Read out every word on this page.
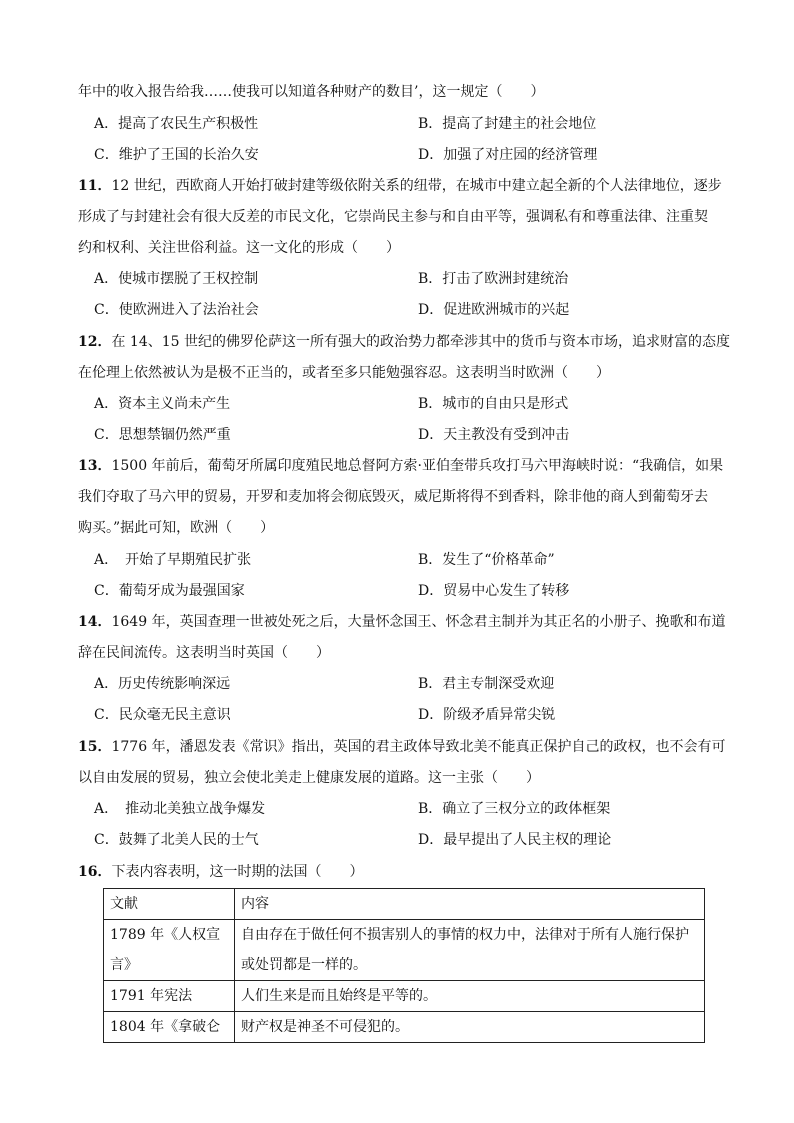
年中的收入报告给我……使我可以知道各种财产的数目’，这一规定（　　）
A．提高了农民生产积极性	B．提高了封建主的社会地位
C．维护了王国的长治久安	D．加强了对庄园的经济管理
11．12 世纪，西欧商人开始打破封建等级依附关系的纽带，在城市中建立起全新的个人法律地位，逐步
形成了与封建社会有很大反差的市民文化，它崇尚民主参与和自由平等，强调私有和尊重法律、注重契
约和权利、关注世俗利益。这一文化的形成（　　）
A．使城市摆脱了王权控制	B．打击了欧洲封建统治
C．使欧洲进入了法治社会	D．促进欧洲城市的兴起
12．在 14、15 世纪的佛罗伦萨这一所有强大的政治势力都牵涉其中的货币与资本市场，追求财富的态度
在伦理上依然被认为是极不正当的，或者至多只能勉强容忍。这表明当时欧洲（　　）
A．资本主义尚未产生	B．城市的自由只是形式
C．思想禁锢仍然严重	D．天主教没有受到冲击
13．1500 年前后，葡萄牙所属印度殖民地总督阿方索·亚伯奎带兵攻打马六甲海峡时说：“我确信，如果
我们夺取了马六甲的贸易，开罗和麦加将会彻底毁灭，威尼斯将得不到香料，除非他的商人到葡萄牙去
购买。”据此可知，欧洲（　　）
A．　开始了早期殖民扩张	B．发生了“价格革命”
C．葡萄牙成为最强国家	D．贸易中心发生了转移
14．1649 年，英国查理一世被处死之后，大量怀念国王、怀念君主制并为其正名的小册子、挽歌和布道
辞在民间流传。这表明当时英国（　　）
A．历史传统影响深远	B．君主专制深受欢迎
C．民众毫无民主意识	D．阶级矛盾异常尖锐
15．1776 年，潘恩发表《常识》指出，英国的君主政体导致北美不能真正保护自己的政权，也不会有可
以自由发展的贸易，独立会使北美走上健康发展的道路。这一主张（　　）
A．　推动北美独立战争爆发	B．确立了三权分立的政体框架
C．鼓舞了北美人民的士气	D．最早提出了人民主权的理论
16．下表内容表明，这一时期的法国（　　）
文献	内容
1789 年《人权宣言》	自由存在于做任何不损害别人的事情的权力中，法律对于所有人施行保护或处罚都是一样的。
1791 年宪法	人们生来是而且始终是平等的。
1804 年《拿破仑	财产权是神圣不可侵犯的。
